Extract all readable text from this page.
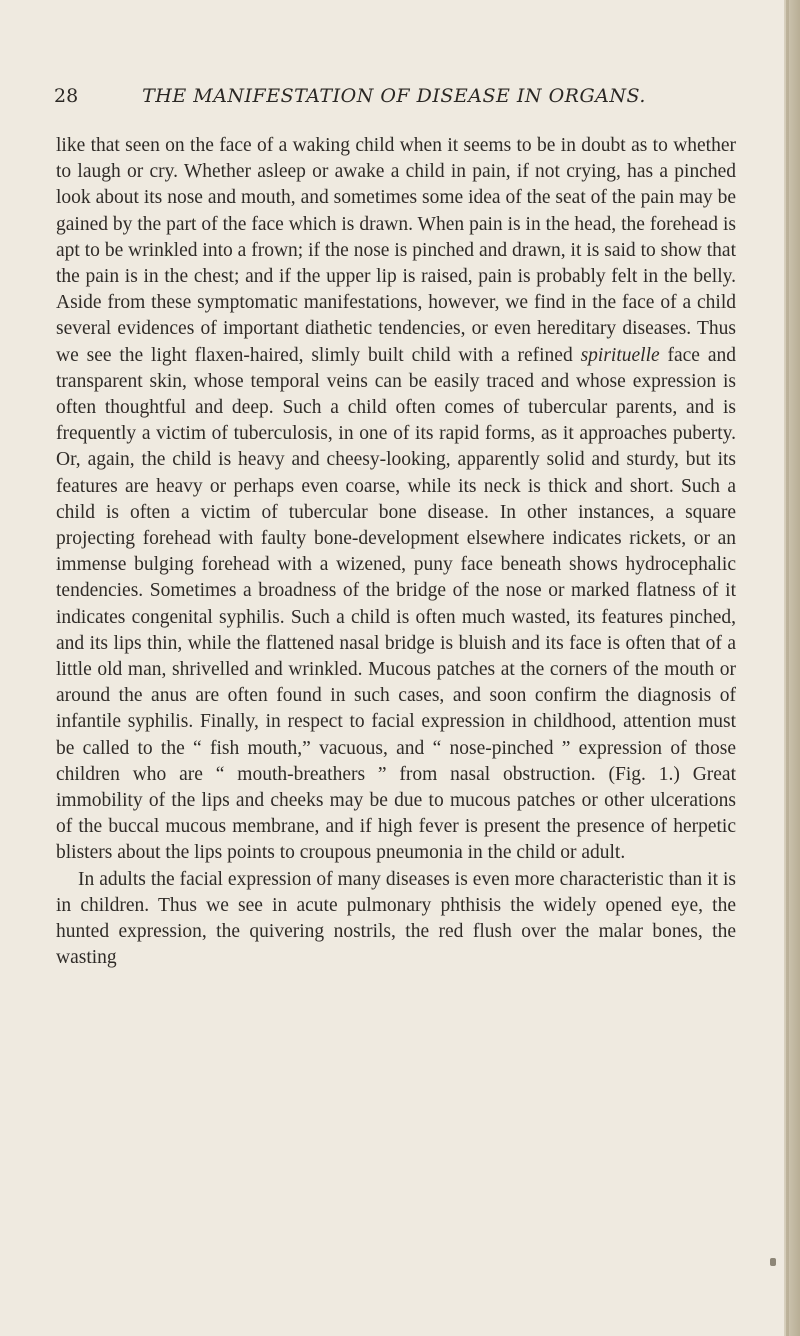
28	THE MANIFESTATION OF DISEASE IN ORGANS.

like that seen on the face of a waking child when it seems to be in doubt as to whether to laugh or cry. Whether asleep or awake a child in pain, if not crying, has a pinched look about its nose and mouth, and sometimes some idea of the seat of the pain may be gained by the part of the face which is drawn. When pain is in the head, the forehead is apt to be wrinkled into a frown; if the nose is pinched and drawn, it is said to show that the pain is in the chest; and if the upper lip is raised, pain is probably felt in the belly. Aside from these symptomatic manifestations, however, we find in the face of a child several evidences of important diathetic tendencies, or even hereditary diseases. Thus we see the light flaxen-haired, slimly built child with a refined spirituelle face and transparent skin, whose temporal veins can be easily traced and whose expression is often thoughtful and deep. Such a child often comes of tubercular parents, and is frequently a victim of tuberculosis, in one of its rapid forms, as it approaches puberty. Or, again, the child is heavy and cheesy-looking, apparently solid and sturdy, but its features are heavy or perhaps even coarse, while its neck is thick and short. Such a child is often a victim of tubercular bone disease. In other instances, a square projecting forehead with faulty bone-development elsewhere indicates rickets, or an immense bulging forehead with a wizened, puny face beneath shows hydrocephalic tendencies. Sometimes a broadness of the bridge of the nose or marked flatness of it indicates congenital syphilis. Such a child is often much wasted, its features pinched, and its lips thin, while the flattened nasal bridge is bluish and its face is often that of a little old man, shrivelled and wrinkled. Mucous patches at the corners of the mouth or around the anus are often found in such cases, and soon confirm the diagnosis of infantile syphilis. Finally, in respect to facial expression in childhood, attention must be called to the “ fish mouth,” vacuous, and “ nose-pinched ” expression of those children who are “ mouth-breathers ” from nasal obstruction. (Fig. 1.) Great immobility of the lips and cheeks may be due to mucous patches or other ulcerations of the buccal mucous membrane, and if high fever is present the presence of herpetic blisters about the lips points to croupous pneumonia in the child or adult.

In adults the facial expression of many diseases is even more characteristic than it is in children. Thus we see in acute pulmonary phthisis the widely opened eye, the hunted expression, the quivering nostrils, the red flush over the malar bones, the wasting
